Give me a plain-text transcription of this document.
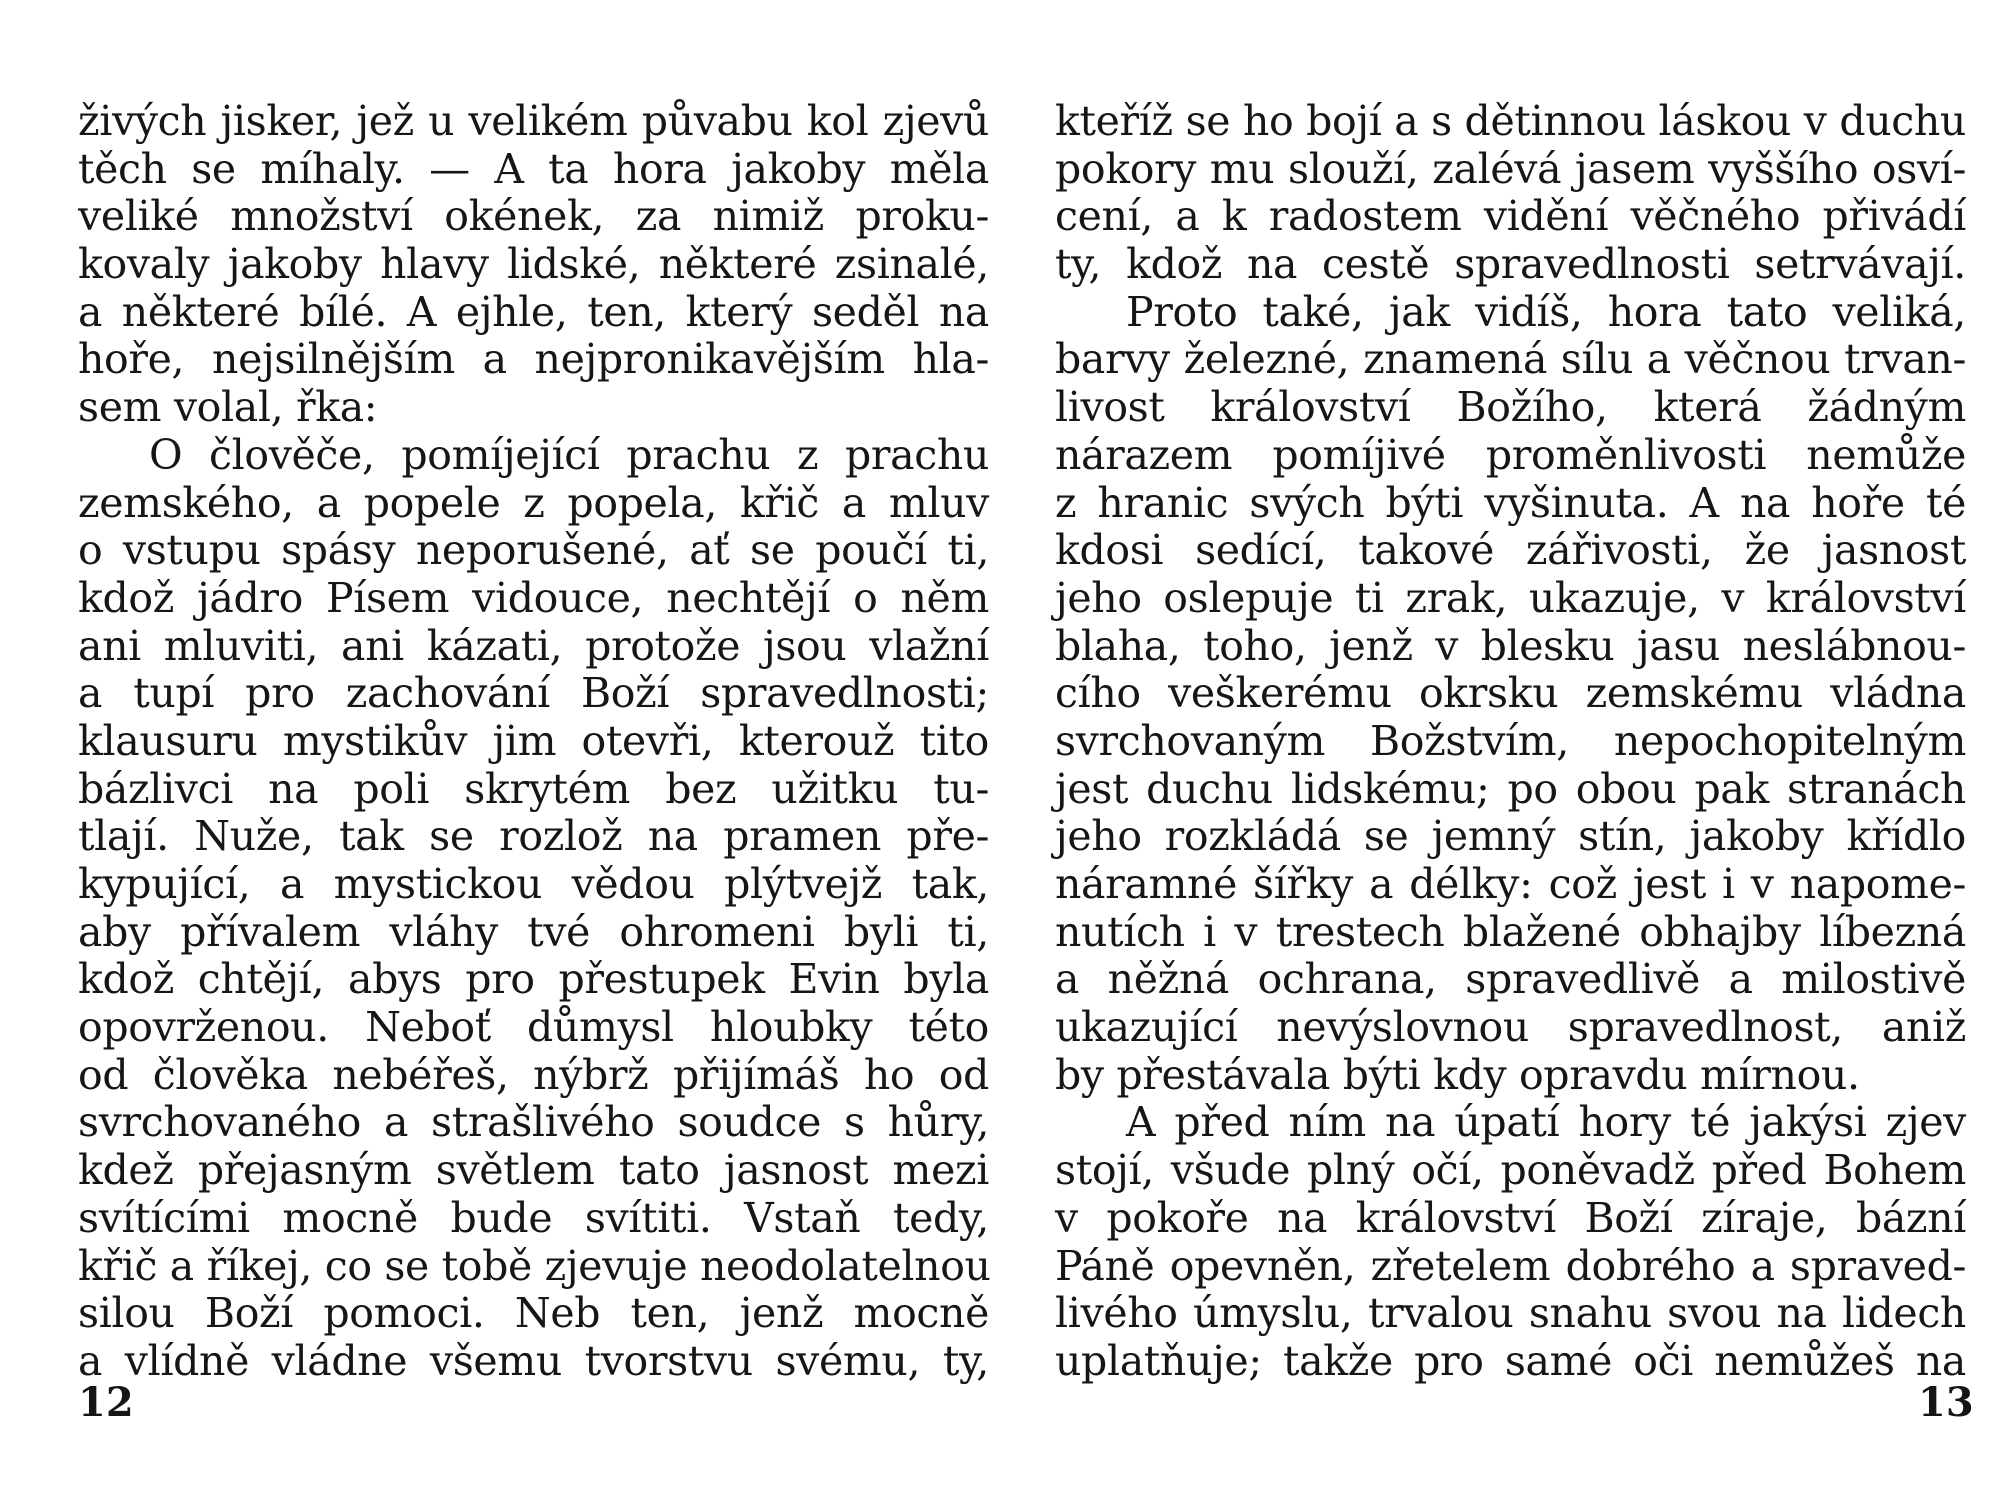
živých jisker, jež u velikém půvabu kol zjevů
těch se míhaly. — A ta hora jakoby měla
veliké množství okének, za nimiž proku-
kovaly jakoby hlavy lidské, některé zsinalé,
a některé bílé. A ejhle, ten, který seděl na
hoře, nejsilnějším a nejpronikavějším hla-
sem volal, řka:
O člověče, pomíjející prachu z prachu
zemského, a popele z popela, křič a mluv
o vstupu spásy neporušené, ať se poučí ti,
kdož jádro Písem vidouce, nechtějí o něm
ani mluviti, ani kázati, protože jsou vlažní
a tupí pro zachování Boží spravedlnosti;
klausuru mystikův jim otevři, kterouž tito
bázlivci na poli skrytém bez užitku tu-
tlají. Nuže, tak se rozlož na pramen pře-
kypující, a mystickou vědou plýtvejž tak,
aby přívalem vláhy tvé ohromeni byli ti,
kdož chtějí, abys pro přestupek Evin byla
opovrženou. Neboť důmysl hloubky této
od člověka nebéřeš, nýbrž přijímáš ho od
svrchovaného a strašlivého soudce s hůry,
kdež přejasným světlem tato jasnost mezi
svítícími mocně bude svítiti. Vstaň tedy,
křič a říkej, co se tobě zjevuje neodolatelnou
silou Boží pomoci. Neb ten, jenž mocně
a vlídně vládne všemu tvorstvu svému, ty,
kteříž se ho bojí a s dětinnou láskou v duchu
pokory mu slouží, zalévá jasem vyššího osví-
cení, a k radostem vidění věčného přivádí
ty, kdož na cestě spravedlnosti setrvávají.
Proto také, jak vidíš, hora tato veliká,
barvy železné, znamená sílu a věčnou trvan-
livost království Božího, která žádným
nárazem pomíjivé proměnlivosti nemůže
z hranic svých býti vyšinuta. A na hoře té
kdosi sedící, takové zářivosti, že jasnost
jeho oslepuje ti zrak, ukazuje, v království
blaha, toho, jenž v blesku jasu neslábnou-
cího veškerému okrsku zemskému vládna
svrchovaným Božstvím, nepochopitelným
jest duchu lidskému; po obou pak stranách
jeho rozkládá se jemný stín, jakoby křídlo
náramné šířky a délky: což jest i v napome-
nutích i v trestech blažené obhajby líbezná
a něžná ochrana, spravedlivě a milostivě
ukazující nevýslovnou spravedlnost, aniž
by přestávala býti kdy opravdu mírnou.
A před ním na úpatí hory té jakýsi zjev
stojí, všude plný očí, poněvadž před Bohem
v pokoře na království Boží zíraje, bázní
Páně opevněn, zřetelem dobrého a spraved-
livého úmyslu, trvalou snahu svou na lidech
uplatňuje; takže pro samé oči nemůžeš na
12	13
